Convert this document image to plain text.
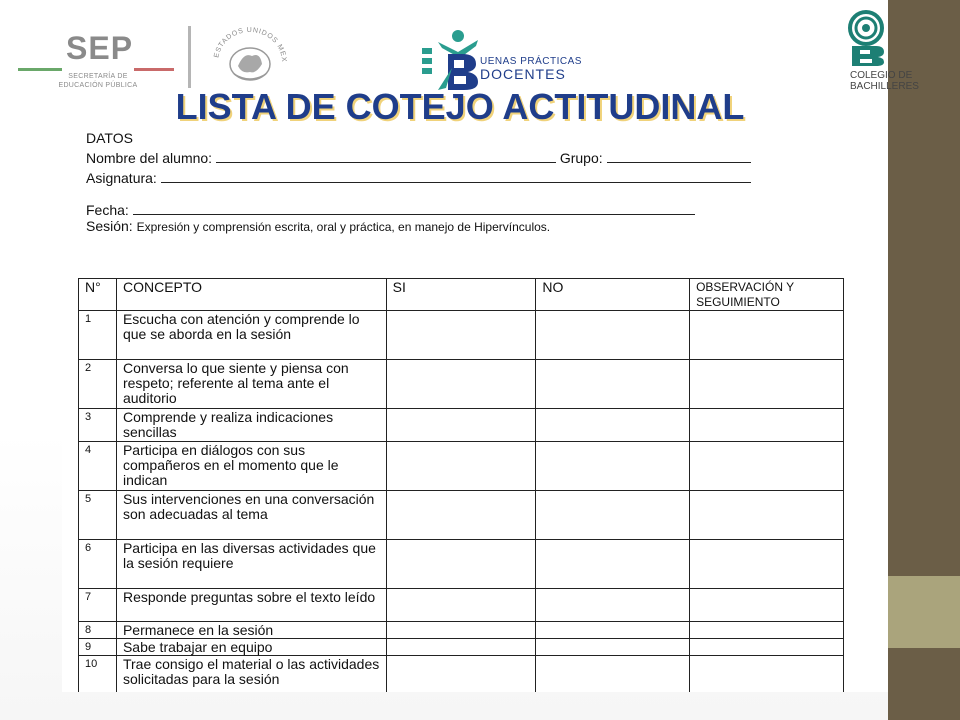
SEP
SECRETARÍA DE
EDUCACIÓN PÚBLICA
ESTADOS UNIDOS MEX	UENAS PRÁCTICAS
DOCENTES	COLEGIO DE
BACHILLERES
LISTA DE COTEJO ACTITUDINAL
DATOS
Nombre del alumno:	Grupo:
Asignatura:
Fecha:
Sesión: Expresión y comprensión escrita, oral y práctica, en manejo de Hipervínculos.
N°	CONCEPTO	SI	NO	OBSERVACIÓN Y SEGUIMIENTO
1	Escucha con atención y comprende lo que se aborda en la sesión			
2	Conversa lo que siente y piensa con respeto; referente al tema ante el auditorio			
3	Comprende y realiza indicaciones sencillas			
4	Participa en diálogos con sus compañeros en el momento que le indican			
5	Sus intervenciones en una conversación son adecuadas al tema			
6	Participa en las diversas actividades que la sesión requiere			
7	Responde preguntas sobre el texto leído			
8	Permanece en la sesión			
9	Sabe trabajar en equipo			
10	Trae consigo el material o las actividades solicitadas para la sesión			
